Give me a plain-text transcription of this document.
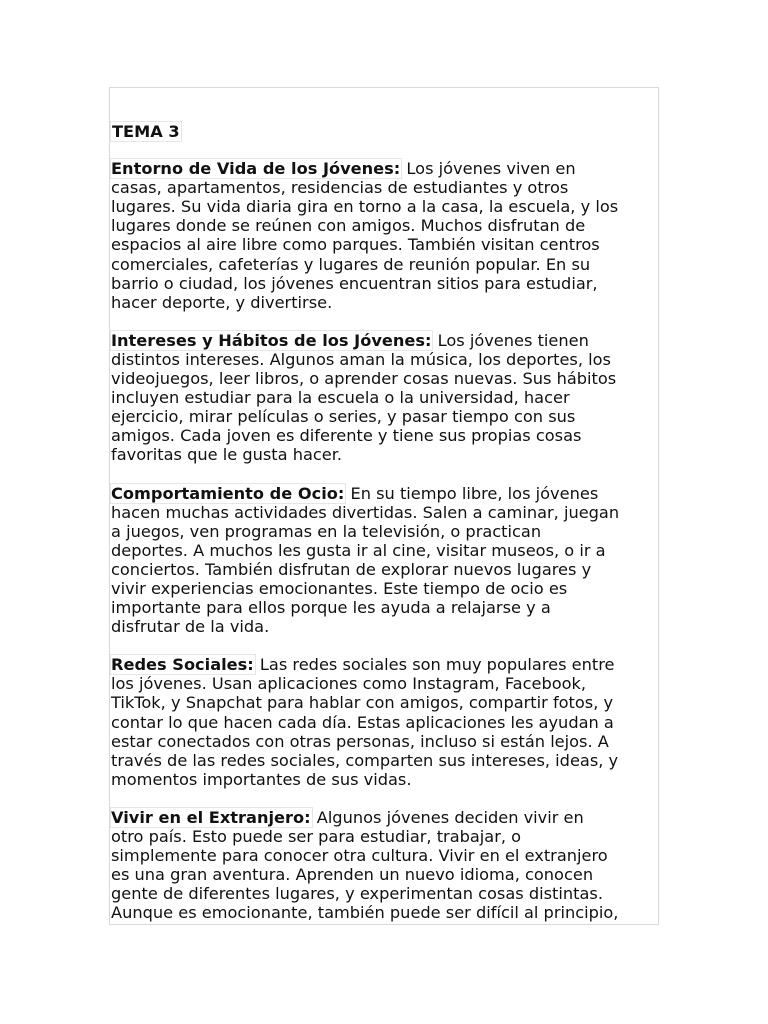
TEMA 3
Entorno de Vida de los Jóvenes: Los jóvenes viven en
casas, apartamentos, residencias de estudiantes y otros
lugares. Su vida diaria gira en torno a la casa, la escuela, y los
lugares donde se reúnen con amigos. Muchos disfrutan de
espacios al aire libre como parques. También visitan centros
comerciales, cafeterías y lugares de reunión popular. En su
barrio o ciudad, los jóvenes encuentran sitios para estudiar,
hacer deporte, y divertirse.
Intereses y Hábitos de los Jóvenes: Los jóvenes tienen
distintos intereses. Algunos aman la música, los deportes, los
videojuegos, leer libros, o aprender cosas nuevas. Sus hábitos
incluyen estudiar para la escuela o la universidad, hacer
ejercicio, mirar películas o series, y pasar tiempo con sus
amigos. Cada joven es diferente y tiene sus propias cosas
favoritas que le gusta hacer.
Comportamiento de Ocio: En su tiempo libre, los jóvenes
hacen muchas actividades divertidas. Salen a caminar, juegan
a juegos, ven programas en la televisión, o practican
deportes. A muchos les gusta ir al cine, visitar museos, o ir a
conciertos. También disfrutan de explorar nuevos lugares y
vivir experiencias emocionantes. Este tiempo de ocio es
importante para ellos porque les ayuda a relajarse y a
disfrutar de la vida.
Redes Sociales: Las redes sociales son muy populares entre
los jóvenes. Usan aplicaciones como Instagram, Facebook,
TikTok, y Snapchat para hablar con amigos, compartir fotos, y
contar lo que hacen cada día. Estas aplicaciones les ayudan a
estar conectados con otras personas, incluso si están lejos. A
través de las redes sociales, comparten sus intereses, ideas, y
momentos importantes de sus vidas.
Vivir en el Extranjero: Algunos jóvenes deciden vivir en
otro país. Esto puede ser para estudiar, trabajar, o
simplemente para conocer otra cultura. Vivir en el extranjero
es una gran aventura. Aprenden un nuevo idioma, conocen
gente de diferentes lugares, y experimentan cosas distintas.
Aunque es emocionante, también puede ser difícil al principio,
